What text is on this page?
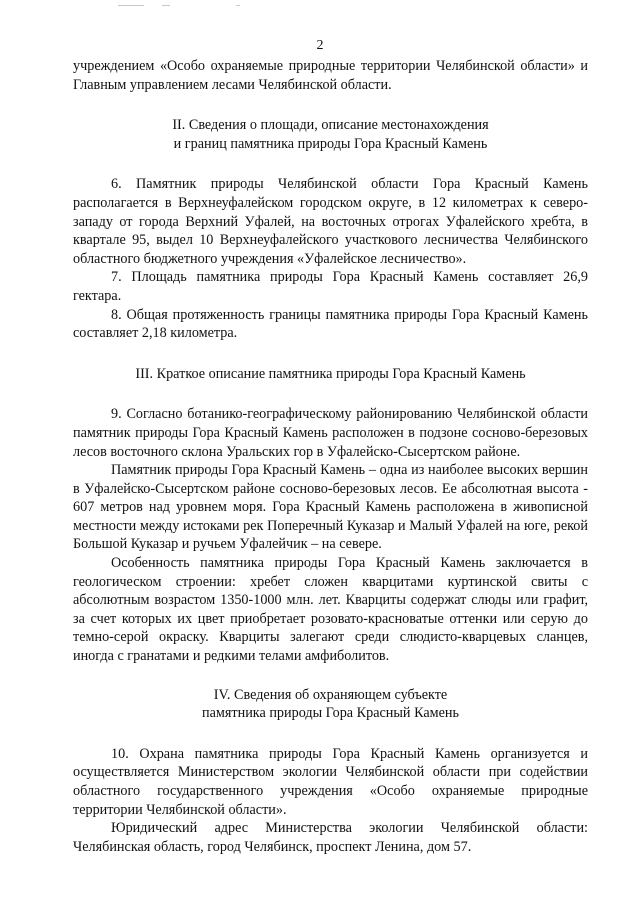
2

учреждением «Особо охраняемые природные территории Челябинской области» и Главным управлением лесами Челябинской области.

II. Сведения о площади, описание местонахождения
и границ памятника природы Гора Красный Камень

6. Памятник природы Челябинской области Гора Красный Камень располагается в Верхнеуфалейском городском округе, в 12 километрах к северо-западу от города Верхний Уфалей, на восточных отрогах Уфалейского хребта, в квартале 95, выдел 10 Верхнеуфалейского участкового лесничества Челябинского областного бюджетного учреждения «Уфалейское лесничество».

7. Площадь памятника природы Гора Красный Камень составляет 26,9 гектара.

8. Общая протяженность границы памятника природы Гора Красный Камень составляет 2,18 километра.

III. Краткое описание памятника природы Гора Красный Камень

9. Согласно ботанико-географическому районированию Челябинской области памятник природы Гора Красный Камень расположен в подзоне сосново-березовых лесов восточного склона Уральских гор в Уфалейско-Сысертском районе.

Памятник природы Гора Красный Камень – одна из наиболее высоких вершин в Уфалейско-Сысертском районе сосново-березовых лесов. Ее абсолютная высота - 607 метров над уровнем моря. Гора Красный Камень расположена в живописной местности между истоками рек Поперечный Куказар и Малый Уфалей на юге, рекой Большой Куказар и ручьем Уфалейчик – на севере.

Особенность памятника природы Гора Красный Камень заключается в геологическом строении: хребет сложен кварцитами куртинской свиты с абсолютным возрастом 1350-1000 млн. лет. Кварциты содержат слюды или графит, за счет которых их цвет приобретает розовато-красноватые оттенки или серую до темно-серой окраску. Кварциты залегают среди слюдисто-кварцевых сланцев, иногда с гранатами и редкими телами амфиболитов.

IV. Сведения об охраняющем субъекте
памятника природы Гора Красный Камень

10. Охрана памятника природы Гора Красный Камень организуется и осуществляется Министерством экологии Челябинской области при содействии областного государственного учреждения «Особо охраняемые природные территории Челябинской области».

Юридический адрес Министерства экологии Челябинской области: Челябинская область, город Челябинск, проспект Ленина, дом 57.
